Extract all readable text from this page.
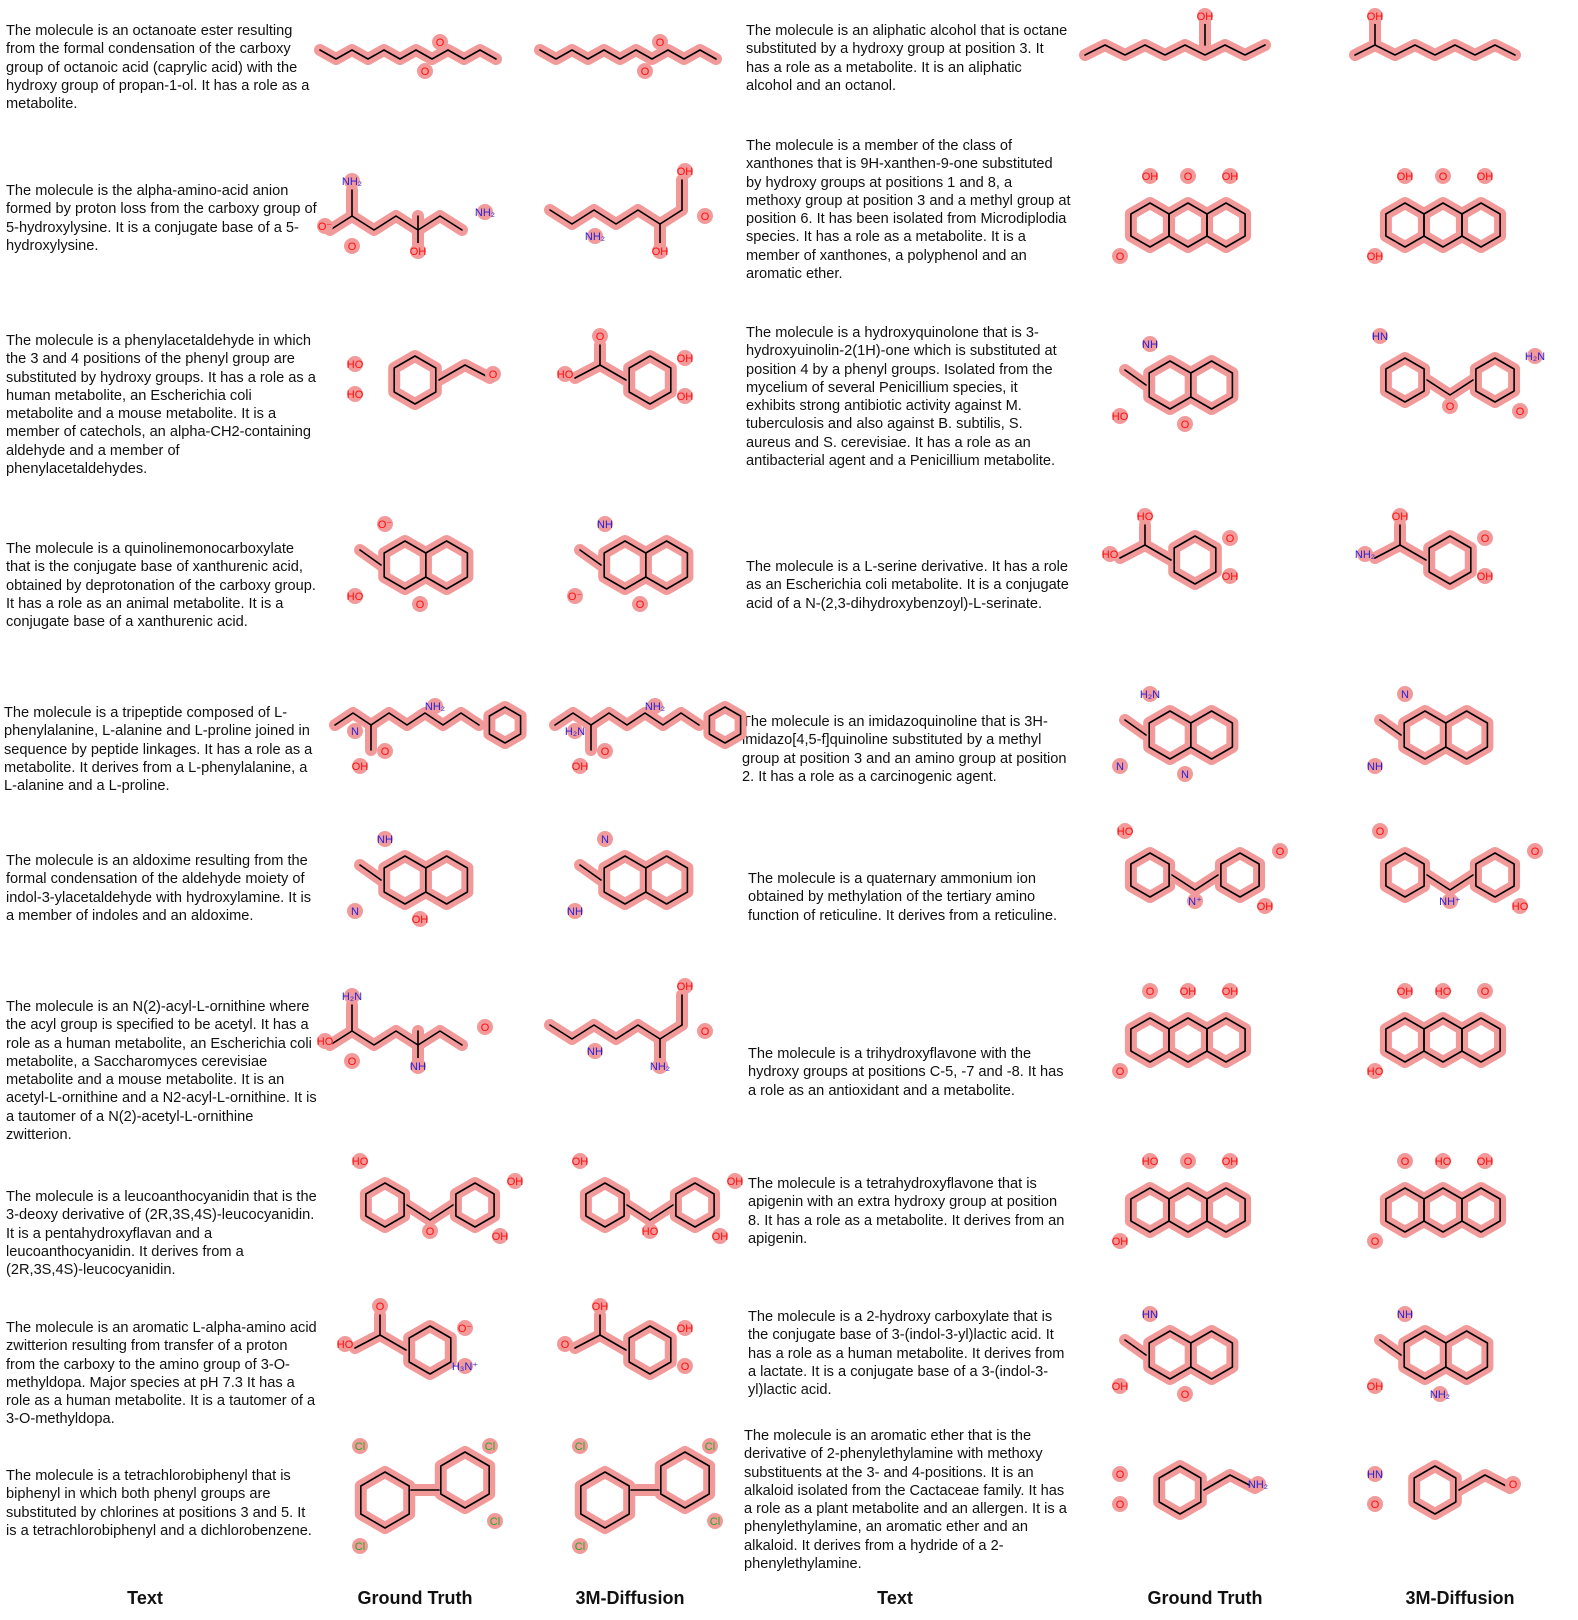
Text	Ground Truth	3M-Diffusion	Text	Ground Truth	3M-Diffusion
The molecule is an octanoate ester resulting from the formal condensation of the carboxy group of octanoic acid (caprylic acid) with the hydroxy group of propan-1-ol. It has a role as a metabolite.
The molecule is the alpha-amino-acid anion formed by proton loss from the carboxy group of 5-hydroxylysine. It is a conjugate base of a 5-hydroxylysine.
The molecule is a phenylacetaldehyde in which the 3 and 4 positions of the phenyl group are substituted by hydroxy groups. It has a role as a human metabolite, an Escherichia coli metabolite and a mouse metabolite. It is a member of catechols, an alpha-CH2-containing aldehyde and a member of phenylacetaldehydes.
The molecule is a quinolinemonocarboxylate that is the conjugate base of xanthurenic acid, obtained by deprotonation of the carboxy group. It has a role as an animal metabolite. It is a conjugate base of a xanthurenic acid.
The molecule is a tripeptide composed of L-phenylalanine, L-alanine and L-proline joined in sequence by peptide linkages. It has a role as a metabolite. It derives from a L-phenylalanine, a L-alanine and a L-proline.
The molecule is an aldoxime resulting from the formal condensation of the aldehyde moiety of indol-3-ylacetaldehyde with hydroxylamine. It is a member of indoles and an aldoxime.
The molecule is an N(2)-acyl-L-ornithine where the acyl group is specified to be acetyl. It has a role as a human metabolite, an Escherichia coli metabolite, a Saccharomyces cerevisiae metabolite and a mouse metabolite. It is an acetyl-L-ornithine and a N2-acyl-L-ornithine. It is a tautomer of a N(2)-acetyl-L-ornithine zwitterion.
The molecule is a leucoanthocyanidin that is the 3-deoxy derivative of (2R,3S,4S)-leucocyanidin. It is a pentahydroxyflavan and a leucoanthocyanidin. It derives from a (2R,3S,4S)-leucocyanidin.
The molecule is an aromatic L-alpha-amino acid zwitterion resulting from transfer of a proton from the carboxy to the amino group of 3-O-methyldopa. Major species at pH 7.3 It has a role as a human metabolite. It is a tautomer of a 3-O-methyldopa.
The molecule is a tetrachlorobiphenyl that is biphenyl in which both phenyl groups are substituted by chlorines at positions 3 and 5. It is a tetrachlorobiphenyl and a dichlorobenzene.
The molecule is an aliphatic alcohol that is octane substituted by a hydroxy group at position 3. It has a role as a metabolite. It is an aliphatic alcohol and an octanol.
The molecule is a member of the class of xanthones that is 9H-xanthen-9-one substituted by hydroxy groups at positions 1 and 8, a methoxy group at position 3 and a methyl group at position 6. It has been isolated from Microdiplodia species. It has a role as a metabolite. It is a member of xanthones, a polyphenol and an aromatic ether.
The molecule is a hydroxyquinolone that is 3-hydroxyuinolin-2(1H)-one which is substituted at position 4 by a phenyl groups. Isolated from the mycelium of several Penicillium species, it exhibits strong antibiotic activity against M. tuberculosis and also against B. subtilis, S. aureus and S. cerevisiae. It has a role as an antibacterial agent and a Penicillium metabolite.
The molecule is a L-serine derivative. It has a role as an Escherichia coli metabolite. It is a conjugate acid of a N-(2,3-dihydroxybenzoyl)-L-serinate.
The molecule is an imidazoquinoline that is 3H-imidazo[4,5-f]quinoline substituted by a methyl group at position 3 and an amino group at position 2. It has a role as a carcinogenic agent.
The molecule is a quaternary ammonium ion obtained by methylation of the tertiary amino function of reticuline. It derives from a reticuline.
The molecule is a trihydroxyflavone with the hydroxy groups at positions C-5, -7 and -8. It has a role as an antioxidant and a metabolite.
The molecule is a tetrahydroxyflavone that is apigenin with an extra hydroxy group at position 8. It has a role as a metabolite. It derives from an apigenin.
The molecule is a 2-hydroxy carboxylate that is the conjugate base of 3-(indol-3-yl)lactic acid. It has a role as a human metabolite. It derives from a lactate. It is a conjugate base of a 3-(indol-3-yl)lactic acid.
The molecule is an aromatic ether that is the derivative of 2-phenylethylamine with methoxy substituents at the 3- and 4-positions. It is an alkaloid isolated from the Cactaceae family. It has a role as a plant metabolite and an allergen. It is a phenylethylamine, an aromatic ether and an alkaloid. It derives from a hydride of a 2-phenylethylamine.
O
O
O
O
OH	OH
NH₂
O⁻
O	OH
NH₂
OH
O
OH
NH₂
OH O	OH
O
OH O	OH
OH
HO
HO
O	HO
O
OH
OH
NH
HO
O
HN
O	O
H₂N
O⁻
HO
O
NH
O⁻
O
HO
HO
O
OH
NH₂
OH
O
OH
N
O
NH₂
OH
H₂N
O
NH₂
OH
H₂N
N
N
N
NH
NH
N
OH
N
NH
HO
N⁺	OH
O
O
NH⁺	HO
O
H₂N
HO
O	NH
O
NH₂
O
OH
NH
O OH OH
O
OH HO	O
HO
HO
O	OH
OH
OH
HO	OH
OH
HO O	OH
OH
O HO OH
O
HO
O
O⁻
H₃N⁺
O
OH
OH
O
HN
OH
O
NH
OH
NH₂
Cl
Cl
Cl
Cl
Cl
Cl
Cl
Cl
O
O
NH₂
HN
O
O
